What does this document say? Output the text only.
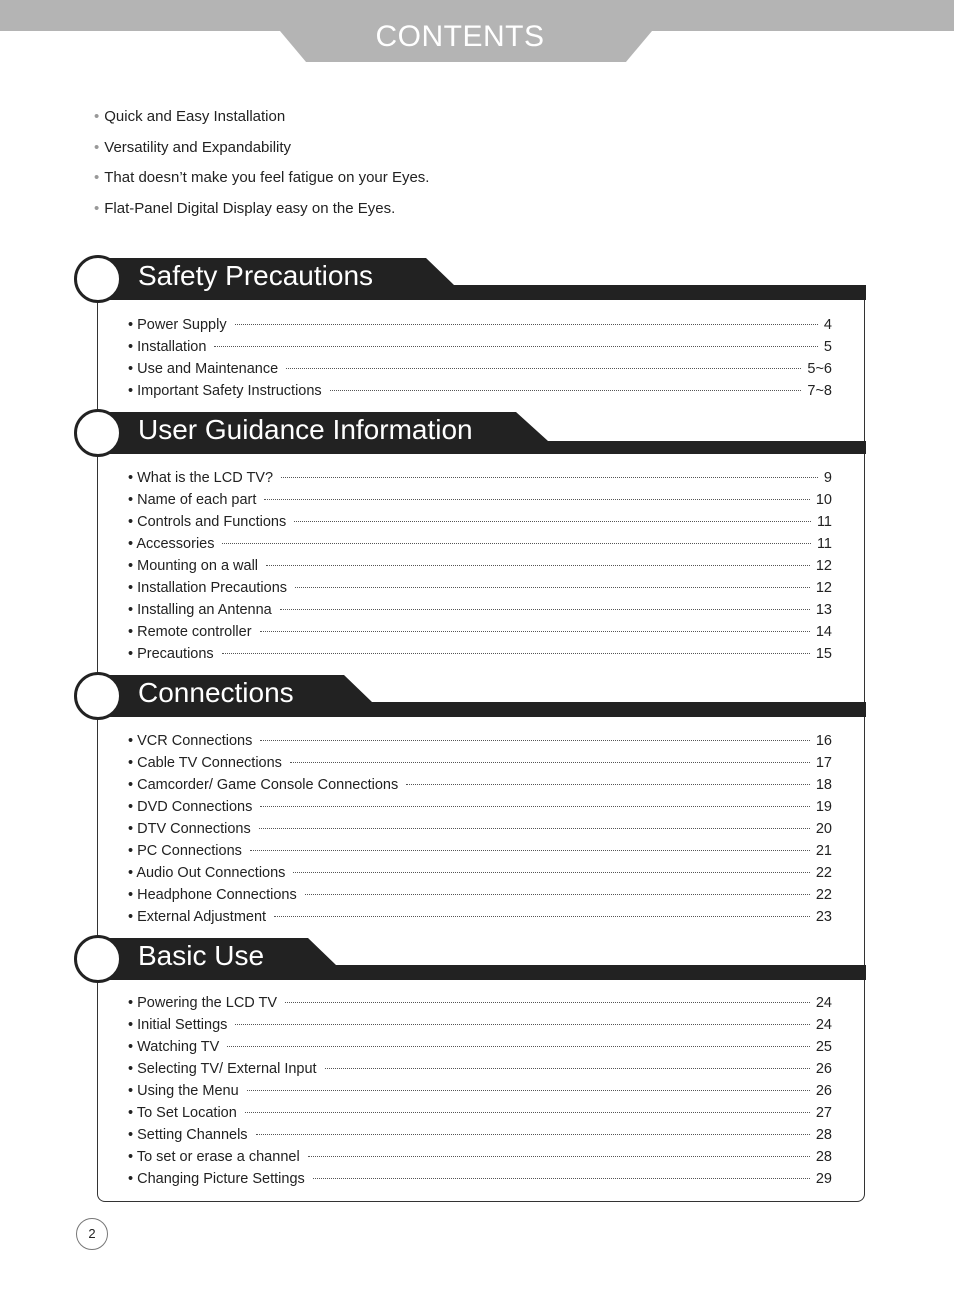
CONTENTS
• Quick and Easy Installation
• Versatility and Expandability
• That doesn’t make you feel fatigue on your Eyes.
• Flat-Panel Digital Display easy on the Eyes.
Safety Precautions
• Power Supply	4
• Installation	5
• Use and Maintenance	5~6
• Important Safety Instructions	7~8
User Guidance Information
• What is the LCD TV?	9
• Name of each part	10
• Controls and Functions	11
• Accessories	11
• Mounting on a wall	12
• Installation Precautions	12
• Installing an Antenna	13
• Remote controller	14
• Precautions	15
Connections
• VCR Connections	16
• Cable TV Connections	17
• Camcorder/ Game Console Connections	18
• DVD Connections	19
• DTV Connections	20
• PC Connections	21
• Audio Out Connections	22
• Headphone Connections	22
• External Adjustment	23
Basic Use
• Powering the LCD TV	24
• Initial Settings	24
• Watching TV	25
• Selecting TV/ External Input	26
• Using the Menu	26
• To Set Location	27
• Setting Channels	28
• To set or erase a channel	28
• Changing Picture Settings	29
2
